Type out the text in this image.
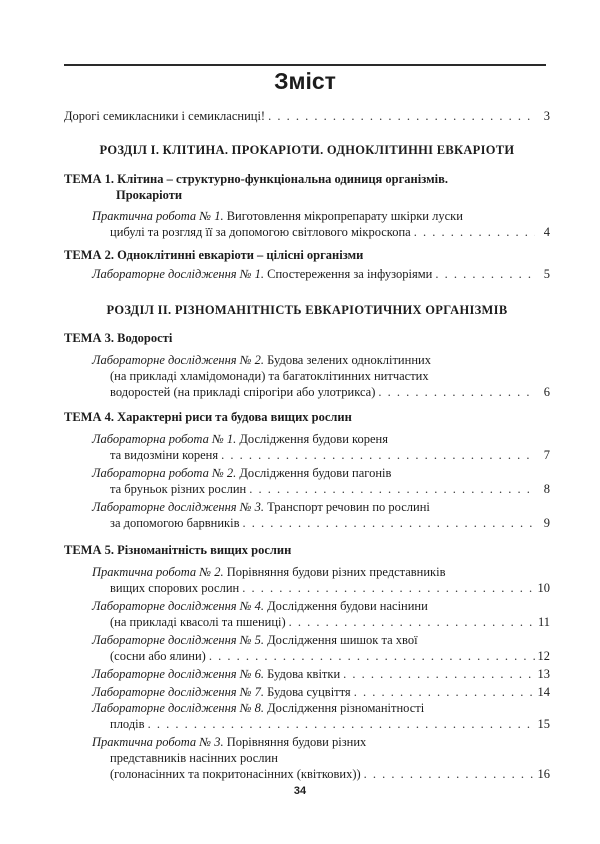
Зміст
Дорогі семикласники і семикласниці! . . .	3
РОЗДІЛ І. КЛІТИНА. ПРОКАРІОТИ. ОДНОКЛІТИННІ ЕВКАРІОТИ
ТЕМА 1. Клітина – структурно-функціональна одиниця організмів.
Прокаріоти
Практична робота № 1. Виготовлення мікропрепарату шкірки луски
цибулі та розгляд її за допомогою світлового мікроскопа . . .	4
ТЕМА 2. Одноклітинні евкаріоти – цілісні організми
Лабораторне дослідження № 1. Спостереження за інфузоріями . . .	5
РОЗДІЛ ІІ. РІЗНОМАНІТНІСТЬ ЕВКАРІОТИЧНИХ ОРГАНІЗМІВ
ТЕМА 3. Водорості
Лабораторне дослідження № 2. Будова зелених одноклітинних
(на прикладі хламідомонади) та багатоклітинних нитчастих
водоростей (на прикладі спірогіри або улотрикса) . . .	6
ТЕМА 4. Характерні риси та будова вищих рослин
Лабораторна робота № 1. Дослідження будови кореня
та видозміни кореня . . .	7
Лабораторна робота № 2. Дослідження будови пагонів
та бруньок різних рослин . . .	8
Лабораторне дослідження № 3. Транспорт речовин по рослині
за допомогою барвників . . .	9
ТЕМА 5. Різноманітність вищих рослин
Практична робота № 2. Порівняння будови різних представників
вищих спорових рослин . . .	10
Лабораторне дослідження № 4. Дослідження будови насінини
(на прикладі квасолі та пшениці) . . .	11
Лабораторне дослідження № 5. Дослідження шишок та хвої
(сосни або ялини) . . .	12
Лабораторне дослідження № 6. Будова квітки . . .	13
Лабораторне дослідження № 7. Будова суцвіття . . .	14
Лабораторне дослідження № 8. Дослідження різноманітності
плодів . . .	15
Практична робота № 3. Порівняння будови різних
представників насінних рослин
(голонасінних та покритонасінних (квіткових)) . . .	16
34
